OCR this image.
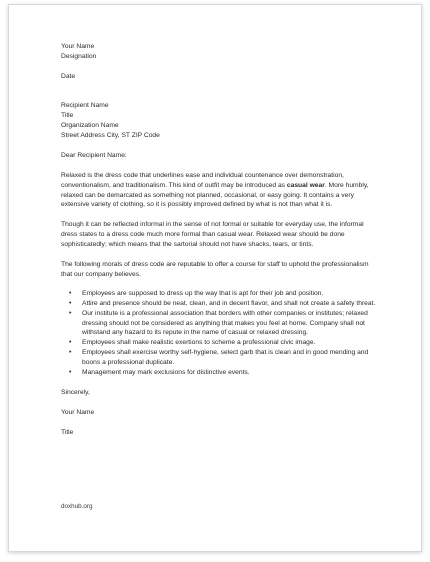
Your Name

Designation

Date

Recipient Name

Title

Organization Name

Street Address City, ST ZIP Code

Dear Recipient Name:

Relaxed is the dress code that underlines ease and individual countenance over demonstration, conventionalism, and traditionalism. This kind of outfit may be introduced as casual wear. More humbly, relaxed can be demarcated as something not planned, occasional, or easy going. It contains a very extensive variety of clothing, so it is possibly improved defined by what is not than what it is.

Though it can be reflected informal in the sense of not formal or suitable for everyday use, the informal dress states to a dress code much more formal than casual wear. Relaxed wear should be done sophisticatedly; which means that the sartorial should not have shacks, tears, or tints.

The following morals of dress code are reputable to offer a course for staff to uphold the professionalism that our company believes.

• Employees are supposed to dress up the way that is apt for their job and position.
• Attire and presence should be neat, clean, and in decent flavor, and shall not create a safety threat.
• Our institute is a professional association that borders with other companies or institutes; relaxed dressing should not be considered as anything that makes you feel at home. Company shall not withstand any hazard to its repute in the name of casual or relaxed dressing.
• Employees shall make realistic exertions to scheme a professional civic image.
• Employees shall exercise worthy self-hygiene, select garb that is clean and in good mending and boons a professional duplicate.
• Management may mark exclusions for distinctive events.

Sincerely,

Your Name

Title

doxhub.org
